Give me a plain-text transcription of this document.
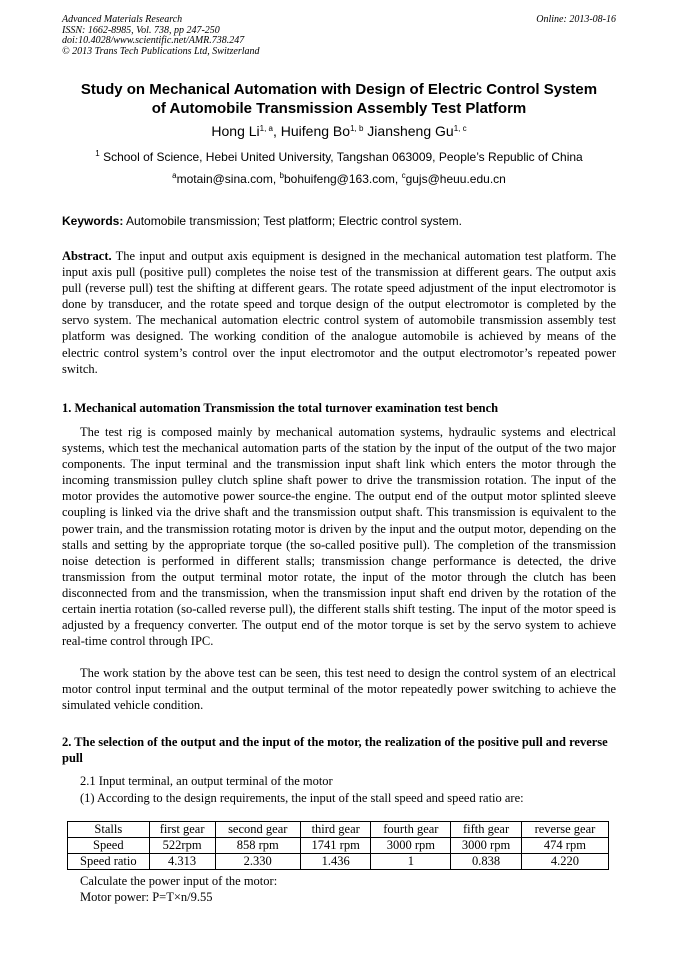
Advanced Materials Research
ISSN: 1662-8985, Vol. 738, pp 247-250
doi:10.4028/www.scientific.net/AMR.738.247
© 2013 Trans Tech Publications Ltd, Switzerland
Online: 2013-08-16
Study on Mechanical Automation with Design of Electric Control System
of Automobile Transmission Assembly Test Platform
Hong Li$^{1, a}$, Huifeng Bo$^{1, b}$ Jiansheng Gu$^{1, c}$
$^1$ School of Science, Hebei United University, Tangshan 063009, People’s Republic of China
$^a$motain@sina.com, $^b$bohuifeng@163.com, $^c$gujs@heuu.edu.cn
Keywords: Automobile transmission; Test platform; Electric control system.
Abstract. The input and output axis equipment is designed in the mechanical automation test platform. The input axis pull (positive pull) completes the noise test of the transmission at different gears. The output axis pull (reverse pull) test the shifting at different gears. The rotate speed adjustment of the input electromotor is done by transducer, and the rotate speed and torque design of the output electromotor is completed by the servo system. The mechanical automation electric control system of automobile transmission assembly test platform was designed. The working condition of the analogue automobile is achieved by means of the electric control system’s control over the input electromotor and the output electromotor’s repeated power switch.
1. Mechanical automation Transmission the total turnover examination test bench
The test rig is composed mainly by mechanical automation systems, hydraulic systems and electrical systems, which test the mechanical automation parts of the station by the input of the output of the two major components. The input terminal and the transmission input shaft link which enters the motor through the incoming transmission pulley clutch spline shaft power to drive the transmission rotation. The input of the motor provides the automotive power source-the engine. The output end of the output motor splinted sleeve coupling is linked via the drive shaft and the transmission output shaft. This transmission is equivalent to the power train, and the transmission rotating motor is driven by the input and the output motor, depending on the stalls and setting by the appropriate torque (the so-called positive pull). The completion of the transmission noise detection is performed in different stalls; transmission change performance is detected, the drive transmission from the output terminal motor rotate, the input of the motor through the clutch has been disconnected from and the transmission, when the transmission input shaft end driven by the rotation of the certain inertia rotation (so-called reverse pull), the different stalls shift testing. The input of the motor speed is adjusted by a frequency converter. The output end of the motor torque is set by the servo system to achieve real-time control through IPC.
The work station by the above test can be seen, this test need to design the control system of an electrical motor control input terminal and the output terminal of the motor repeatedly power switching to achieve the simulated vehicle condition.
2. The selection of the output and the input of the motor, the realization of the positive pull and reverse pull
2.1 Input terminal, an output terminal of the motor
(1) According to the design requirements, the input of the stall speed and speed ratio are:
Stalls	first gear	second gear	third gear	fourth gear	fifth gear	reverse gear
Speed	522rpm	858 rpm	1741 rpm	3000 rpm	3000 rpm	474 rpm
Speed ratio	4.313	2.330	1.436	1	0.838	4.220
Calculate the power input of the motor:
Motor power: P=T×n/9.55
